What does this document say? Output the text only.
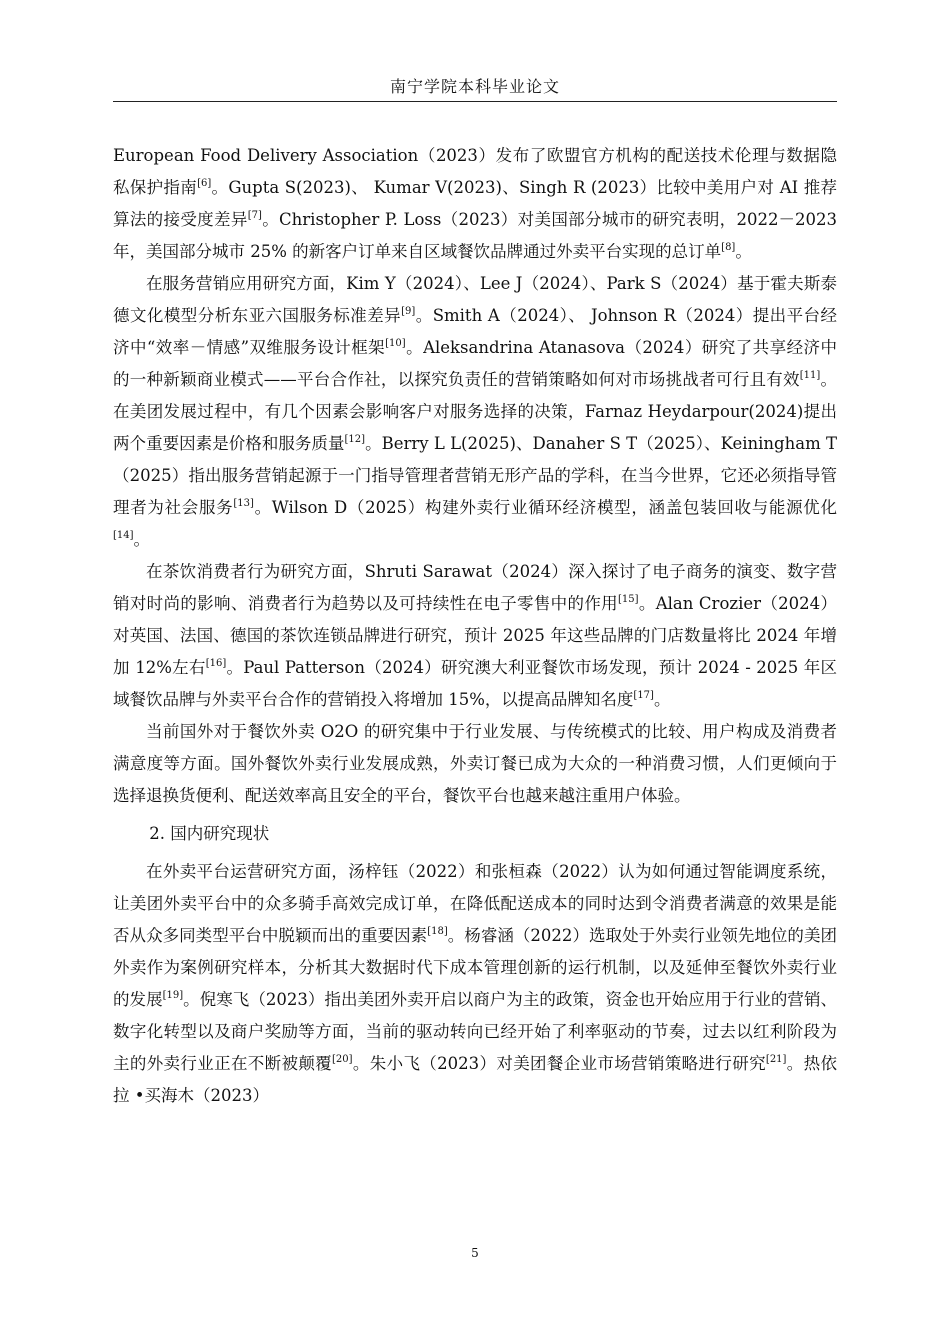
南宁学院本科毕业论文

European Food Delivery Association（2023）发布了欧盟官方机构的配送技术伦理与数据隐私保护指南[6]。Gupta S(2023)、 Kumar V(2023)、Singh R (2023）比较中美用户对 AI 推荐算法的接受度差异[7]。Christopher P. Loss（2023）对美国部分城市的研究表明，2022－2023 年，美国部分城市 25% 的新客户订单来自区域餐饮品牌通过外卖平台实现的总订单[8]。

在服务营销应用研究方面，Kim Y（2024）、Lee J（2024）、Park S（2024）基于霍夫斯泰德文化模型分析东亚六国服务标准差异[9]。Smith A（2024）、 Johnson R（2024）提出平台经济中“效率－情感”双维服务设计框架[10]。Aleksandrina Atanasova（2024）研究了共享经济中的一种新颖商业模式——平台合作社，以探究负责任的营销策略如何对市场挑战者可行且有效[11]。在美团发展过程中，有几个因素会影响客户对服务选择的决策，Farnaz Heydarpour(2024)提出两个重要因素是价格和服务质量[12]。Berry L L(2025)、Danaher S T（2025）、Keiningham T（2025）指出服务营销起源于一门指导管理者营销无形产品的学科，在当今世界，它还必须指导管理者为社会服务[13]。Wilson D（2025）构建外卖行业循环经济模型，涵盖包装回收与能源优化[14]。

在茶饮消费者行为研究方面，Shruti Sarawat（2024）深入探讨了电子商务的演变、数字营销对时尚的影响、消费者行为趋势以及可持续性在电子零售中的作用[15]。Alan Crozier（2024）对英国、法国、德国的茶饮连锁品牌进行研究，预计 2025 年这些品牌的门店数量将比 2024 年增加 12%左右[16]。Paul Patterson（2024）研究澳大利亚餐饮市场发现，预计 2024 - 2025 年区域餐饮品牌与外卖平台合作的营销投入将增加 15%，以提高品牌知名度[17]。

当前国外对于餐饮外卖 O2O 的研究集中于行业发展、与传统模式的比较、用户构成及消费者满意度等方面。国外餐饮外卖行业发展成熟，外卖订餐已成为大众的一种消费习惯，人们更倾向于选择退换货便利、配送效率高且安全的平台，餐饮平台也越来越注重用户体验。

2. 国内研究现状

在外卖平台运营研究方面，汤梓钰（2022）和张桓森（2022）认为如何通过智能调度系统，让美团外卖平台中的众多骑手高效完成订单，在降低配送成本的同时达到令消费者满意的效果是能否从众多同类型平台中脱颖而出的重要因素[18]。杨睿涵（2022）选取处于外卖行业领先地位的美团外卖作为案例研究样本，分析其大数据时代下成本管理创新的运行机制，以及延伸至餐饮外卖行业的发展[19]。倪寒飞（2023）指出美团外卖开启以商户为主的政策，资金也开始应用于行业的营销、数字化转型以及商户奖励等方面，当前的驱动转向已经开始了利率驱动的节奏，过去以红利阶段为主的外卖行业正在不断被颠覆[20]。朱小飞（2023）对美团餐企业市场营销策略进行研究[21]。热依拉 •买海木（2023）

5
